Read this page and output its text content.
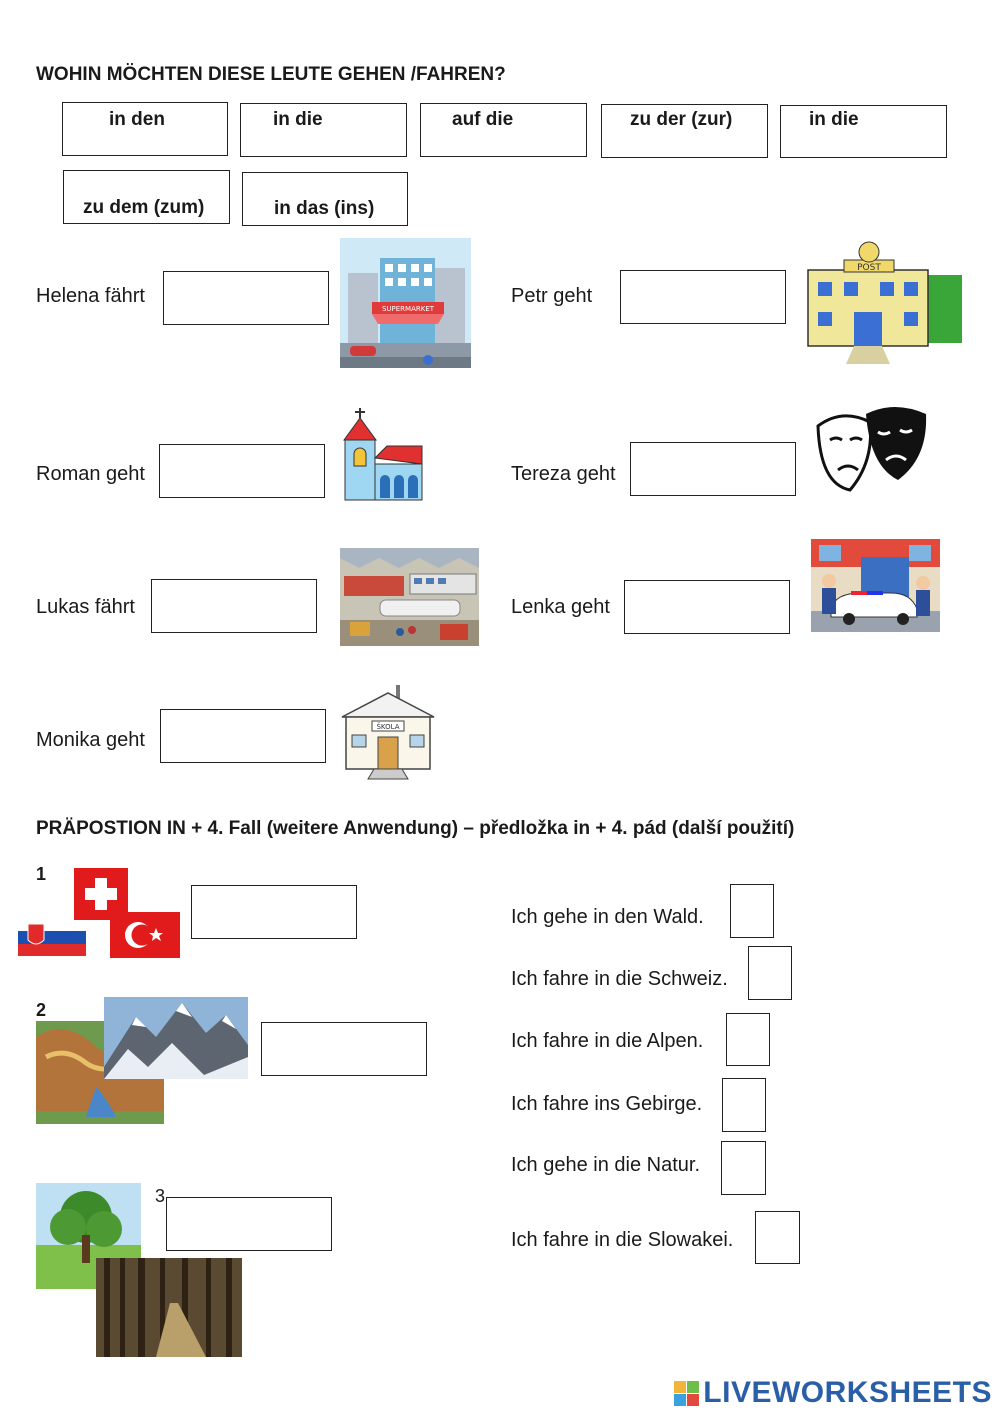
WOHIN MÖCHTEN DIESE LEUTE GEHEN /FAHREN?
in den	in die	auf die	zu der (zur)	in die
zu dem (zum)	in das (ins)
Helena fährt
SUPERMARKET
Petr geht
POST
Roman geht	Tereza geht
Lukas fährt	Lenka geht
Monika geht
ŠKOLA
PRÄPOSTION IN + 4. Fall (weitere Anwendung) – předložka in + 4. pád (další použití)
1
2
3
Ich gehe in den Wald.
Ich fahre in die Schweiz.
Ich fahre in die Alpen.
Ich fahre ins Gebirge.
Ich gehe in die Natur.
Ich fahre in die Slowakei.
LIVEWORKSHEETS
